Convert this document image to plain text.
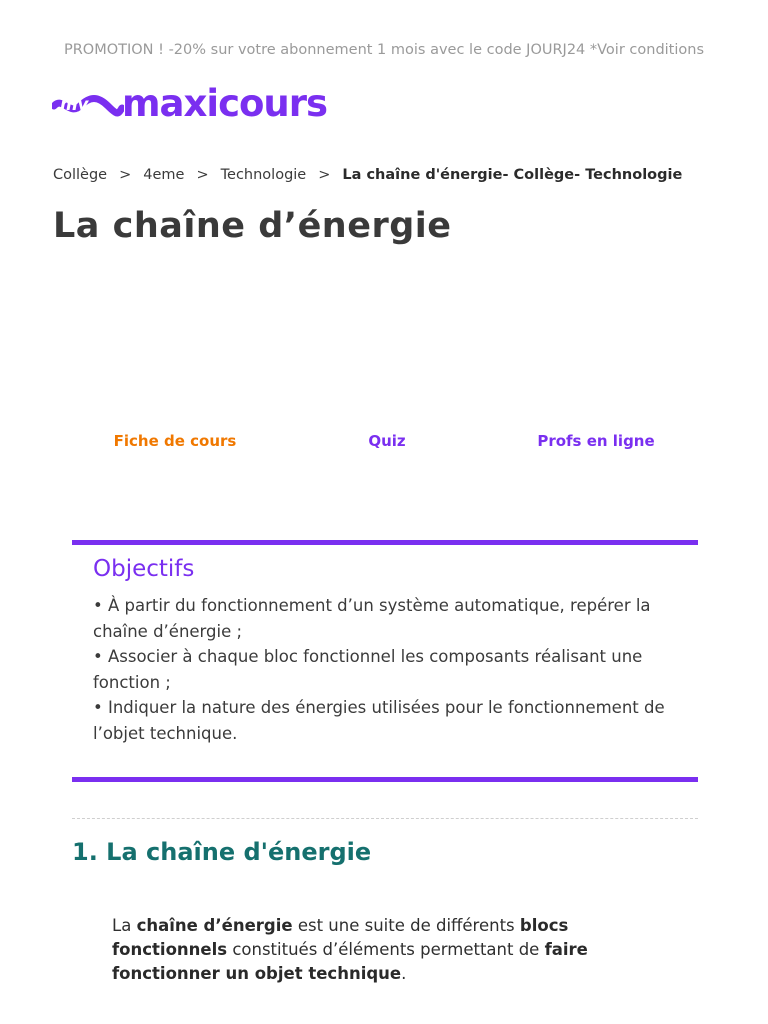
PROMOTION ! -20% sur votre abonnement 1 mois avec le code JOURJ24 *Voir conditions
my maxicours
Collège > 4eme > Technologie > La chaîne d'énergie- Collège- Technologie
La chaîne d’énergie
Fiche de cours	Quiz	Profs en ligne
Objectifs
• À partir du fonctionnement d’un système automatique, repérer la chaîne d’énergie ;
• Associer à chaque bloc fonctionnel les composants réalisant une fonction ;
• Indiquer la nature des énergies utilisées pour le fonctionnement de l’objet technique.
1. La chaîne d'énergie

La chaîne d’énergie est une suite de différents blocs fonctionnels constitués d’éléments permettant de faire fonctionner un objet technique.
